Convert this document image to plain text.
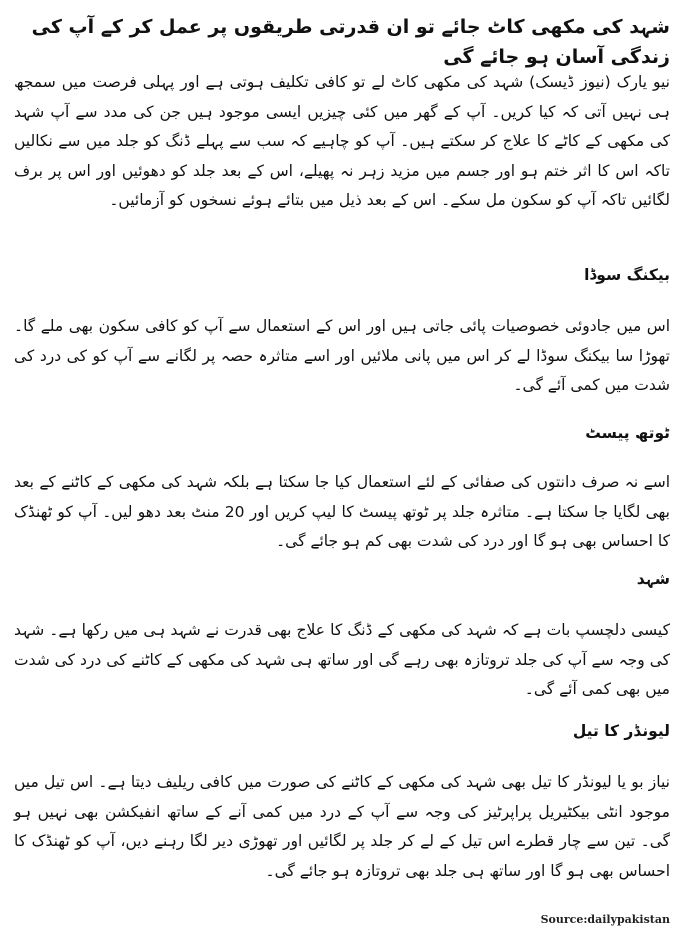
شہد کی مکھی کاٹ جائے تو ان قدرتی طریقوں پر عمل کر کے آپ کی زندگی آسان ہو جائے گی

نیو یارک (نیوز ڈیسک) شہد کی مکھی کاٹ لے تو کافی تکلیف ہوتی ہے اور پہلی فرصت میں سمجھ ہی نہیں آتی کہ کیا کریں۔ آپ کے گھر میں کئی چیزیں ایسی موجود ہیں جن کی مدد سے آپ شہد کی مکھی کے کاٹے کا علاج کر سکتے ہیں۔ آپ کو چاہیے کہ سب سے پہلے ڈنگ کو جلد میں سے نکالیں تاکہ اس کا اثر ختم ہو اور جسم میں مزید زہر نہ پھیلے، اس کے بعد جلد کو دھوئیں اور اس پر برف لگائیں تاکہ آپ کو سکون مل سکے۔ اس کے بعد ذیل میں بتائے ہوئے نسخوں کو آزمائیں۔

بیکنگ سوڈا

اس میں جادوئی خصوصیات پائی جاتی ہیں اور اس کے استعمال سے آپ کو کافی سکون بھی ملے گا۔ تھوڑا سا بیکنگ سوڈا لے کر اس میں پانی ملائیں اور اسے متاثرہ حصہ پر لگانے سے آپ کو کی درد کی شدت میں کمی آئے گی۔

ٹوتھ پیسٹ

اسے نہ صرف دانتوں کی صفائی کے لئے استعمال کیا جا سکتا ہے بلکہ شہد کی مکھی کے کاٹنے کے بعد بھی لگایا جا سکتا ہے۔ متاثرہ جلد پر ٹوتھ پیسٹ کا لیپ کریں اور 20 منٹ بعد دھو لیں۔ آپ کو ٹھنڈک کا احساس بھی ہو گا اور درد کی شدت بھی کم ہو جائے گی۔

شہد

کیسی دلچسپ بات ہے کہ شہد کی مکھی کے ڈنگ کا علاج بھی قدرت نے شہد ہی میں رکھا ہے۔ شہد کی وجہ سے آپ کی جلد تروتازہ بھی رہے گی اور ساتھ ہی شہد کی مکھی کے کاٹنے کی درد کی شدت میں بھی کمی آئے گی۔

لیونڈر کا تیل

نیاز بو یا لیونڈر کا تیل بھی شہد کی مکھی کے کاٹنے کی صورت میں کافی ریلیف دیتا ہے۔ اس تیل میں موجود انٹی بیکٹیریل پراپرٹیز کی وجہ سے آپ کے درد میں کمی آنے کے ساتھ انفیکشن بھی نہیں ہو گی۔ تین سے چار قطرے اس تیل کے لے کر جلد پر لگائیں اور تھوڑی دیر لگا رہنے دیں، آپ کو ٹھنڈک کا احساس بھی ہو گا اور ساتھ ہی جلد بھی تروتازہ ہو جائے گی۔

Source:dailypakistan
